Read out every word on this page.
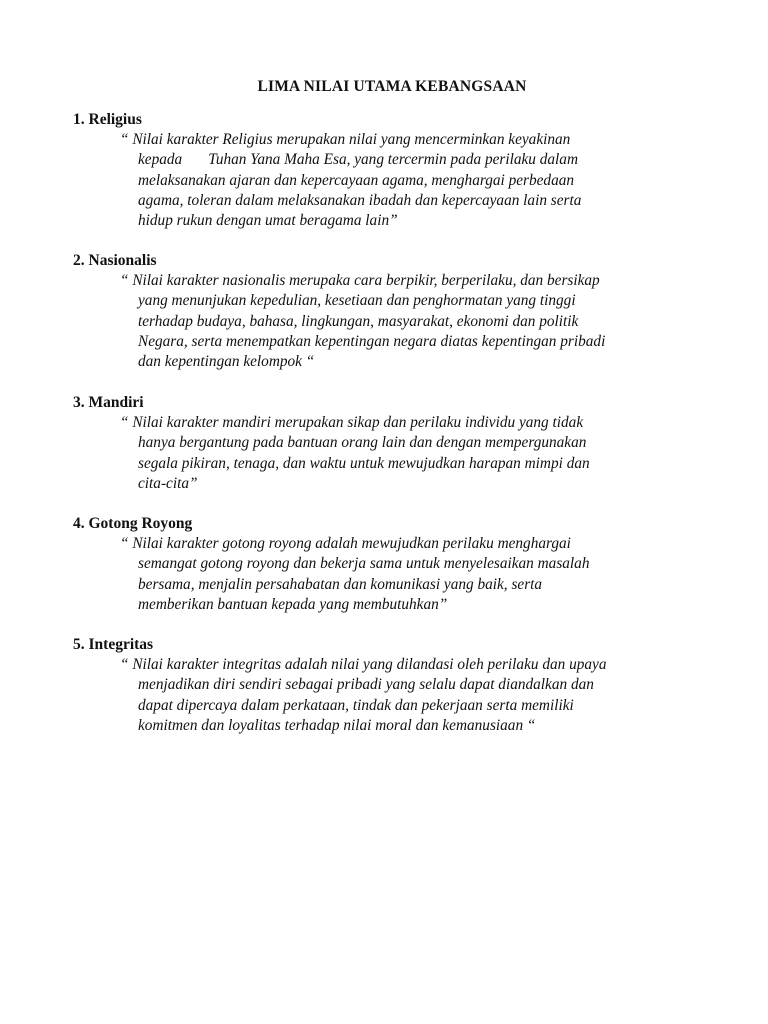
LIMA NILAI UTAMA KEBANGSAAN
1. Religius
“ Nilai karakter Religius merupakan nilai yang mencerminkan keyakinan
kepada Tuhan Yana Maha Esa, yang tercermin pada perilaku dalam
melaksanakan ajaran dan kepercayaan agama, menghargai perbedaan
agama, toleran dalam melaksanakan ibadah dan kepercayaan lain serta
hidup rukun dengan umat beragama lain”
2. Nasionalis
“ Nilai karakter nasionalis merupaka cara berpikir, berperilaku, dan bersikap
yang menunjukan kepedulian, kesetiaan dan penghormatan yang tinggi
terhadap budaya, bahasa, lingkungan, masyarakat, ekonomi dan politik
Negara, serta menempatkan kepentingan negara diatas kepentingan pribadi
dan kepentingan kelompok “
3. Mandiri
“ Nilai karakter mandiri merupakan sikap dan perilaku individu yang tidak
hanya bergantung pada bantuan orang lain dan dengan mempergunakan
segala pikiran, tenaga, dan waktu untuk mewujudkan harapan mimpi dan
cita-cita”
4. Gotong Royong
“ Nilai karakter gotong royong adalah mewujudkan perilaku menghargai
semangat gotong royong dan bekerja sama untuk menyelesaikan masalah
bersama, menjalin persahabatan dan komunikasi yang baik, serta
memberikan bantuan kepada yang membutuhkan”
5. Integritas
“ Nilai karakter integritas adalah nilai yang dilandasi oleh perilaku dan upaya
menjadikan diri sendiri sebagai pribadi yang selalu dapat diandalkan dan
dapat dipercaya dalam perkataan, tindak dan pekerjaan serta memiliki
komitmen dan loyalitas terhadap nilai moral dan kemanusiaan “
